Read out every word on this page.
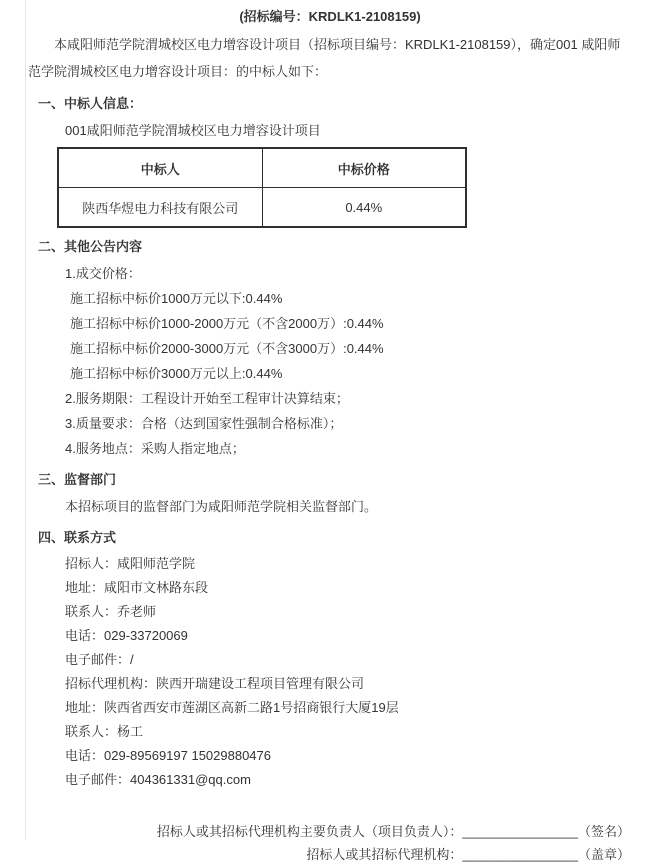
(招标编号：KRDLK1-2108159)

本咸阳师范学院渭城校区电力增容设计项目（招标项目编号：KRDLK1-2108159），确定001 咸阳师范学院渭城校区电力增容设计项目：的中标人如下：

一、中标人信息：
001咸阳师范学院渭城校区电力增容设计项目
中标人	中标价格
陕西华煜电力科技有限公司	0.44%
二、其他公告内容
1.成交价格：
施工招标中标价1000万元以下:0.44%
施工招标中标价1000-2000万元（不含2000万）:0.44%
施工招标中标价2000-3000万元（不含3000万）:0.44%
施工招标中标价3000万元以上:0.44%
2.服务期限：工程设计开始至工程审计决算结束；
3.质量要求：合格（达到国家性强制合格标准）；
4.服务地点：采购人指定地点；
三、监督部门
本招标项目的监督部门为咸阳师范学院相关监督部门。
四、联系方式
招标人：咸阳师范学院
地址：咸阳市文林路东段
联系人：乔老师
电话：029-33720069
电子邮件：/
招标代理机构：陕西开瑞建设工程项目管理有限公司
地址：陕西省西安市莲湖区高新二路1号招商银行大厦19层
联系人：杨工
电话：029-89569197 15029880476
电子邮件：404361331@qq.com
招标人或其招标代理机构主要负责人（项目负责人）：________________（签名）
招标人或其招标代理机构：________________（盖章）
